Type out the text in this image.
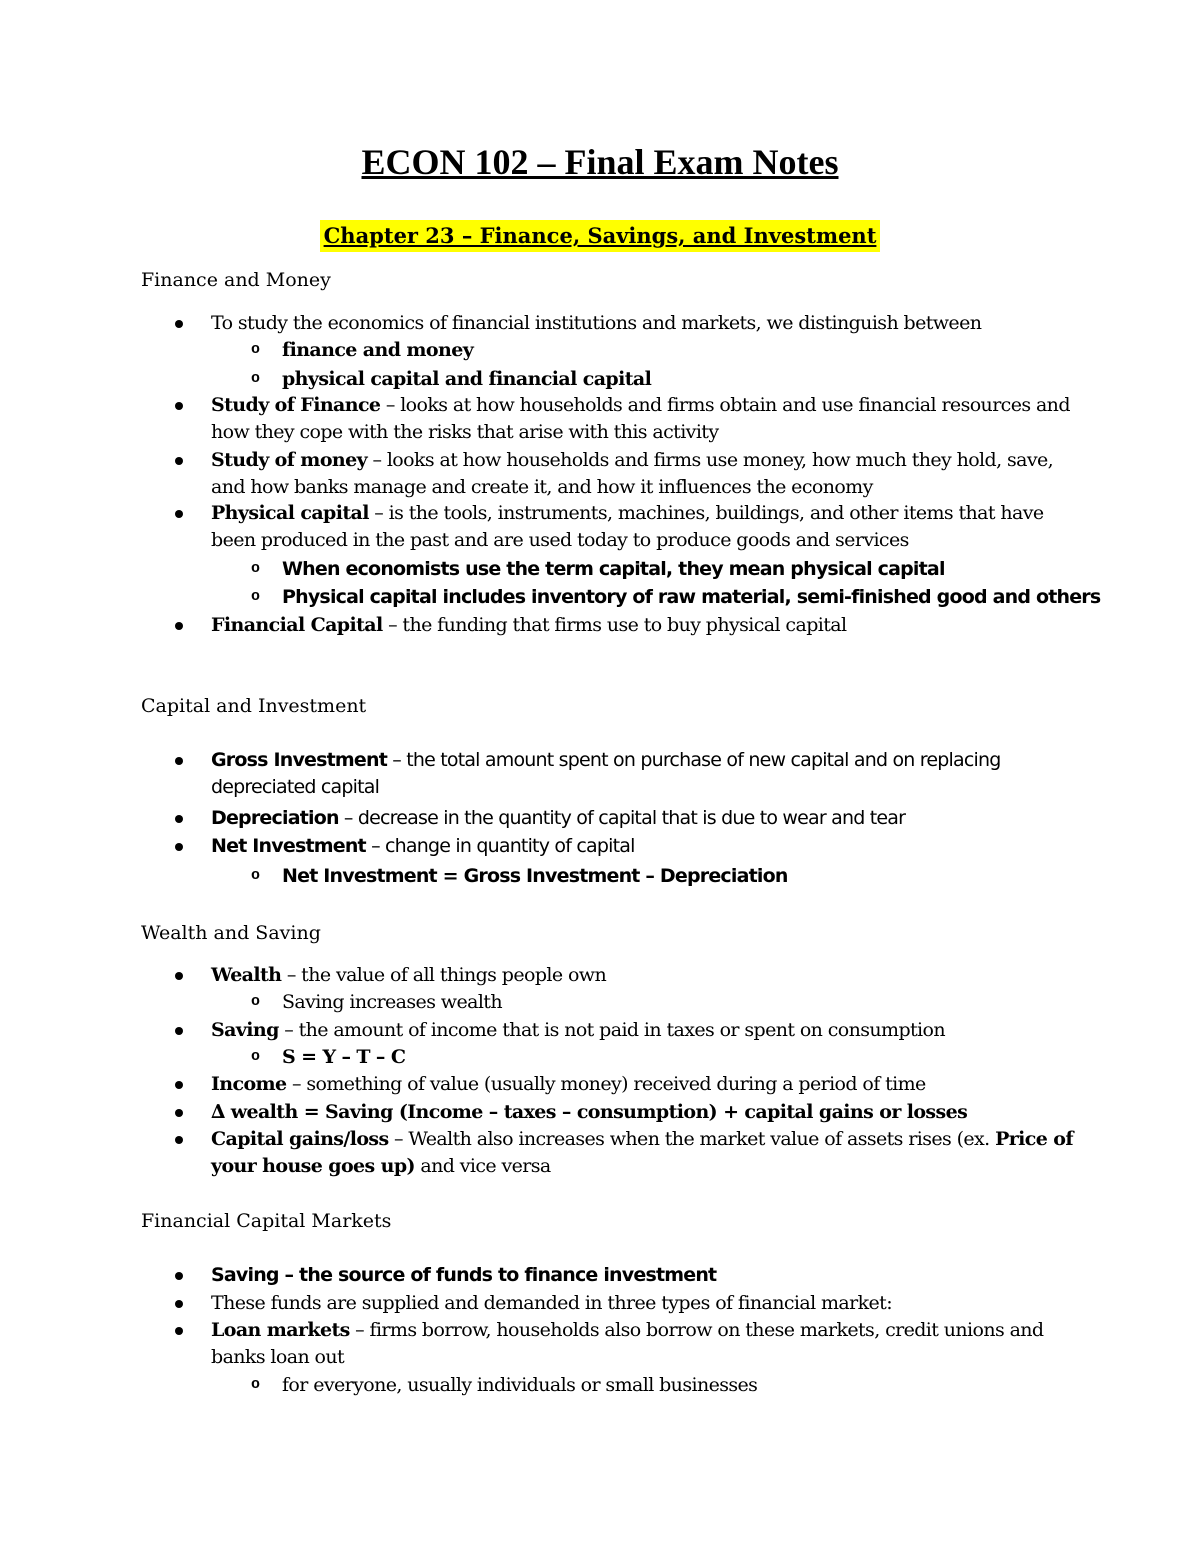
ECON 102 – Final Exam Notes
Chapter 23 – Finance, Savings, and Investment
Finance and Money
To study the economics of financial institutions and markets, we distinguish between
o finance and money
o physical capital and financial capital
Study of Finance – looks at how households and firms obtain and use financial resources and how they cope with the risks that arise with this activity
Study of money – looks at how households and firms use money, how much they hold, save, and how banks manage and create it, and how it influences the economy
Physical capital – is the tools, instruments, machines, buildings, and other items that have been produced in the past and are used today to produce goods and services
o When economists use the term capital, they mean physical capital
o Physical capital includes inventory of raw material, semi-finished good and others
Financial Capital – the funding that firms use to buy physical capital
Capital and Investment
Gross Investment – the total amount spent on purchase of new capital and on replacing depreciated capital
Depreciation – decrease in the quantity of capital that is due to wear and tear
Net Investment – change in quantity of capital
o Net Investment = Gross Investment – Depreciation
Wealth and Saving
Wealth – the value of all things people own
o Saving increases wealth
Saving – the amount of income that is not paid in taxes or spent on consumption
o S = Y – T – C
Income – something of value (usually money) received during a period of time
∆ wealth = Saving (Income – taxes – consumption) + capital gains or losses
Capital gains/loss – Wealth also increases when the market value of assets rises (ex. Price of your house goes up) and vice versa
Financial Capital Markets
Saving – the source of funds to finance investment
These funds are supplied and demanded in three types of financial market:
Loan markets – firms borrow, households also borrow on these markets, credit unions and banks loan out
o for everyone, usually individuals or small businesses
